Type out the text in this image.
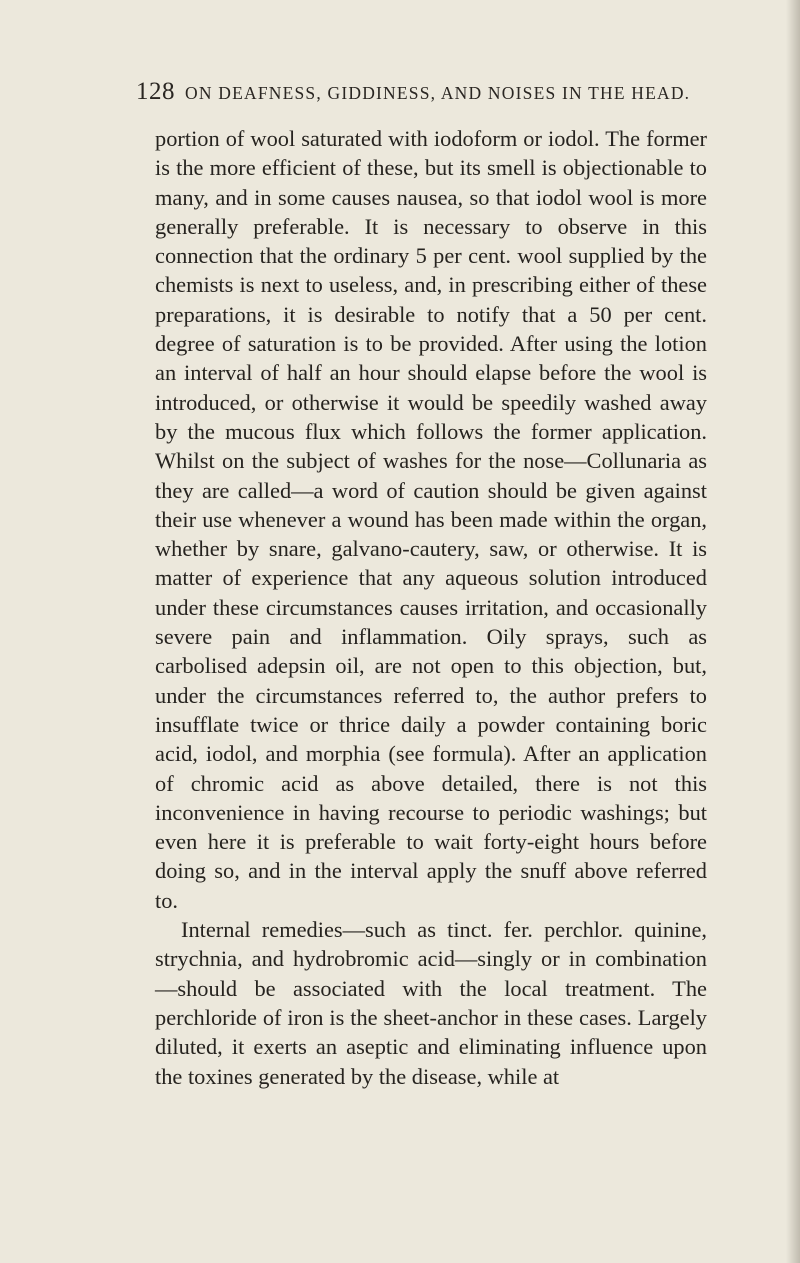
128 ON DEAFNESS, GIDDINESS, AND NOISES IN THE HEAD.

portion of wool saturated with iodoform or iodol. The former is the more efficient of these, but its smell is objectionable to many, and in some causes nausea, so that iodol wool is more generally preferable. It is necessary to observe in this connection that the ordinary 5 per cent. wool supplied by the chemists is next to useless, and, in prescribing either of these preparations, it is desirable to notify that a 50 per cent. degree of saturation is to be provided. After using the lotion an interval of half an hour should elapse before the wool is introduced, or otherwise it would be speedily washed away by the mucous flux which follows the former application. Whilst on the subject of washes for the nose—Collunaria as they are called—a word of caution should be given against their use whenever a wound has been made within the organ, whether by snare, galvano-cautery, saw, or otherwise. It is matter of experience that any aqueous solution introduced under these circumstances causes irritation, and occasionally severe pain and inflammation. Oily sprays, such as carbolised adepsin oil, are not open to this objection, but, under the circumstances referred to, the author prefers to insufflate twice or thrice daily a powder containing boric acid, iodol, and morphia (see formula). After an application of chromic acid as above detailed, there is not this inconvenience in having recourse to periodic washings; but even here it is preferable to wait forty-eight hours before doing so, and in the interval apply the snuff above referred to.

Internal remedies—such as tinct. fer. perchlor. quinine, strychnia, and hydrobromic acid—singly or in combination —should be associated with the local treatment. The perchloride of iron is the sheet-anchor in these cases. Largely diluted, it exerts an aseptic and eliminating influence upon the toxines generated by the disease, while at
